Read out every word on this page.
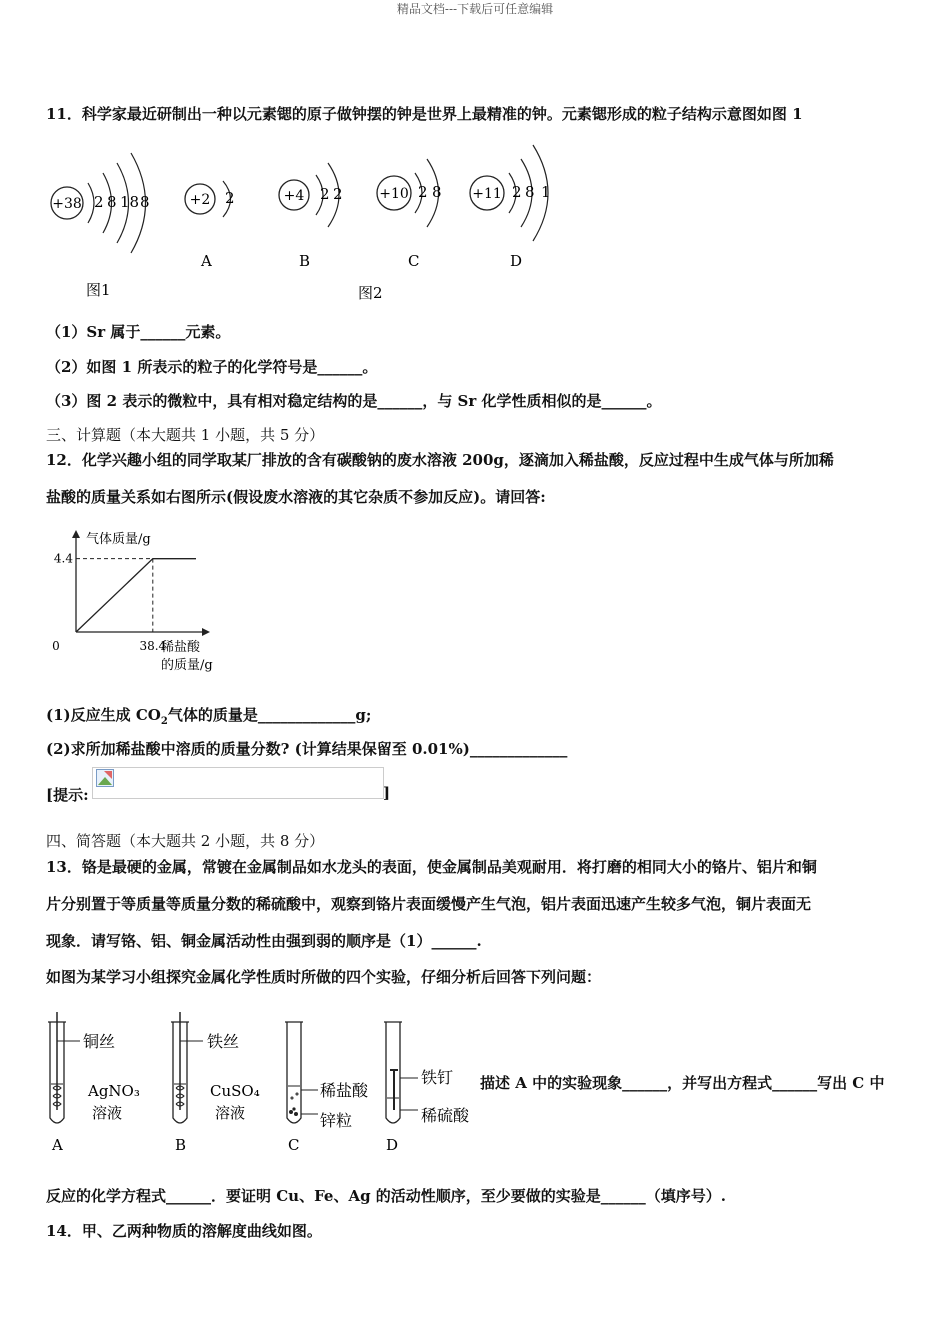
精品文档---下载后可任意编辑
11．科学家最近研制出一种以元素锶的原子做钟摆的钟是世界上最精准的钟。元素锶形成的粒子结构示意图如图 1
+38 2 8 18 8
图1
+2 2
A
+4 2 2
B
+10 2 8
C
+11 2 8 1
D
图2
（1）Sr 属于______元素。
（2）如图 1 所表示的粒子的化学符号是______。
（3）图 2 表示的微粒中，具有相对稳定结构的是______，与 Sr 化学性质相似的是______。
三、计算题（本大题共 1 小题，共 5 分）
12．化学兴趣小组的同学取某厂排放的含有碳酸钠的废水溶液 200g，逐滴加入稀盐酸，反应过程中生成气体与所加稀
盐酸的质量关系如右图所示(假设废水溶液的其它杂质不参加反应)。请回答:
气体质量/g
0	38.4
4.4
稀盐酸
的质量/g
(1)反应生成 $CO_2$气体的质量是_____________g;
(2)求所加稀盐酸中溶质的质量分数? (计算结果保留至 0.01%)_____________
[提示:	]
四、简答题（本大题共 2 小题，共 8 分）
13．铬是最硬的金属，常镀在金属制品如水龙头的表面，使金属制品美观耐用．将打磨的相同大小的铬片、铝片和铜
片分别置于等质量等质量分数的稀硫酸中，观察到铬片表面缓慢产生气泡，铝片表面迅速产生较多气泡，铜片表面无
现象．请写铬、铝、铜金属活动性由强到弱的顺序是（1）______.
如图为某学习小组探究金属化学性质时所做的四个实验，仔细分析后回答下列问题：
铜丝
AgNO₃
溶液
A
铁丝
CuSO₄
溶液
B
稀盐酸
锌粒
C
铁钉
稀硫酸
D
描述 A 中的实验现象______，并写出方程式______写出 C 中
反应的化学方程式______．要证明 Cu、Fe、Ag 的活动性顺序，至少要做的实验是______（填序号）.
14．甲、乙两种物质的溶解度曲线如图。
